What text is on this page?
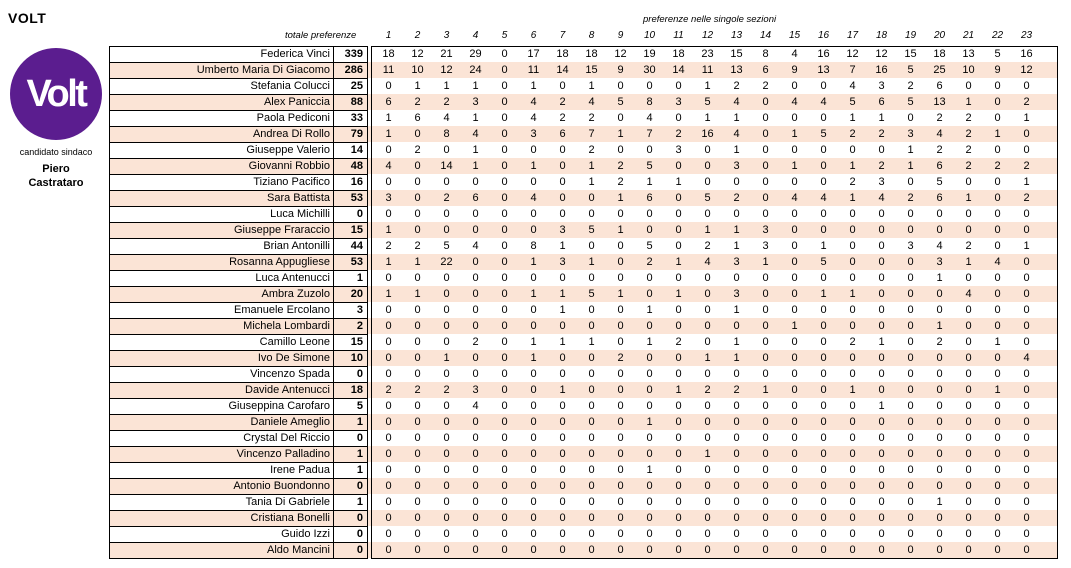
VOLT
Volt
candidato sindaco
Piero
Castrataro
preferenze nelle singole sezioni
totale preferenze	1	2	3	4	5	6	7	8	9	10	11	12	13	14	15	16	17	18	19	20	21	22	23
Federica Vinci	339	18	12	21	29	0	17	18	18	12	19	18	23	15	8	4	16	12	12	15	18	13	5	16
Umberto Maria Di Giacomo	286	11	10	12	24	0	11	14	15	9	30	14	11	13	6	9	13	7	16	5	25	10	9	12
Stefania Colucci	25	0	1	1	1	0	1	0	1	0	0	0	1	2	2	0	0	4	3	2	6	0	0	0
Alex Paniccia	88	6	2	2	3	0	4	2	4	5	8	3	5	4	0	4	4	5	6	5	13	1	0	2
Paola Pediconi	33	1	6	4	1	0	4	2	2	0	4	0	1	1	0	0	0	1	1	0	2	2	0	1
Andrea Di Rollo	79	1	0	8	4	0	3	6	7	1	7	2	16	4	0	1	5	2	2	3	4	2	1	0
Giuseppe Valerio	14	0	2	0	1	0	0	0	2	0	0	3	0	1	0	0	0	0	0	1	2	2	0	0
Giovanni Robbio	48	4	0	14	1	0	1	0	1	2	5	0	0	3	0	1	0	1	2	1	6	2	2	2
Tiziano Pacifico	16	0	0	0	0	0	0	0	1	2	1	1	0	0	0	0	0	2	3	0	5	0	0	1
Sara Battista	53	3	0	2	6	0	4	0	0	1	6	0	5	2	0	4	4	1	4	2	6	1	0	2
Luca Michilli	0	0	0	0	0	0	0	0	0	0	0	0	0	0	0	0	0	0	0	0	0	0	0	0
Giuseppe Fraraccio	15	1	0	0	0	0	0	3	5	1	0	0	1	1	3	0	0	0	0	0	0	0	0	0
Brian Antonilli	44	2	2	5	4	0	8	1	0	0	5	0	2	1	3	0	1	0	0	3	4	2	0	1
Rosanna Appugliese	53	1	1	22	0	0	1	3	1	0	2	1	4	3	1	0	5	0	0	0	3	1	4	0
Luca Antenucci	1	0	0	0	0	0	0	0	0	0	0	0	0	0	0	0	0	0	0	0	1	0	0	0
Ambra Zuzolo	20	1	1	0	0	0	1	1	5	1	0	1	0	3	0	0	1	1	0	0	0	4	0	0
Emanuele Ercolano	3	0	0	0	0	0	0	1	0	0	1	0	0	1	0	0	0	0	0	0	0	0	0	0
Michela Lombardi	2	0	0	0	0	0	0	0	0	0	0	0	0	0	0	1	0	0	0	0	1	0	0	0
Camillo Leone	15	0	0	0	2	0	1	1	1	0	1	2	0	1	0	0	0	2	1	0	2	0	1	0
Ivo De Simone	10	0	0	1	0	0	1	0	0	2	0	0	1	1	0	0	0	0	0	0	0	0	0	4
Vincenzo Spada	0	0	0	0	0	0	0	0	0	0	0	0	0	0	0	0	0	0	0	0	0	0	0	0
Davide Antenucci	18	2	2	2	3	0	0	1	0	0	0	1	2	2	1	0	0	1	0	0	0	0	1	0
Giuseppina Carofaro	5	0	0	0	4	0	0	0	0	0	0	0	0	0	0	0	0	0	1	0	0	0	0	0
Daniele Ameglio	1	0	0	0	0	0	0	0	0	0	1	0	0	0	0	0	0	0	0	0	0	0	0	0
Crystal Del Riccio	0	0	0	0	0	0	0	0	0	0	0	0	0	0	0	0	0	0	0	0	0	0	0	0
Vincenzo Palladino	1	0	0	0	0	0	0	0	0	0	0	0	1	0	0	0	0	0	0	0	0	0	0	0
Irene Padua	1	0	0	0	0	0	0	0	0	0	1	0	0	0	0	0	0	0	0	0	0	0	0	0
Antonio Buondonno	0	0	0	0	0	0	0	0	0	0	0	0	0	0	0	0	0	0	0	0	0	0	0	0
Tania Di Gabriele	1	0	0	0	0	0	0	0	0	0	0	0	0	0	0	0	0	0	0	0	1	0	0	0
Cristiana Bonelli	0	0	0	0	0	0	0	0	0	0	0	0	0	0	0	0	0	0	0	0	0	0	0	0
Guido Izzi	0	0	0	0	0	0	0	0	0	0	0	0	0	0	0	0	0	0	0	0	0	0	0	0
Aldo Mancini	0	0	0	0	0	0	0	0	0	0	0	0	0	0	0	0	0	0	0	0	0	0	0	0
